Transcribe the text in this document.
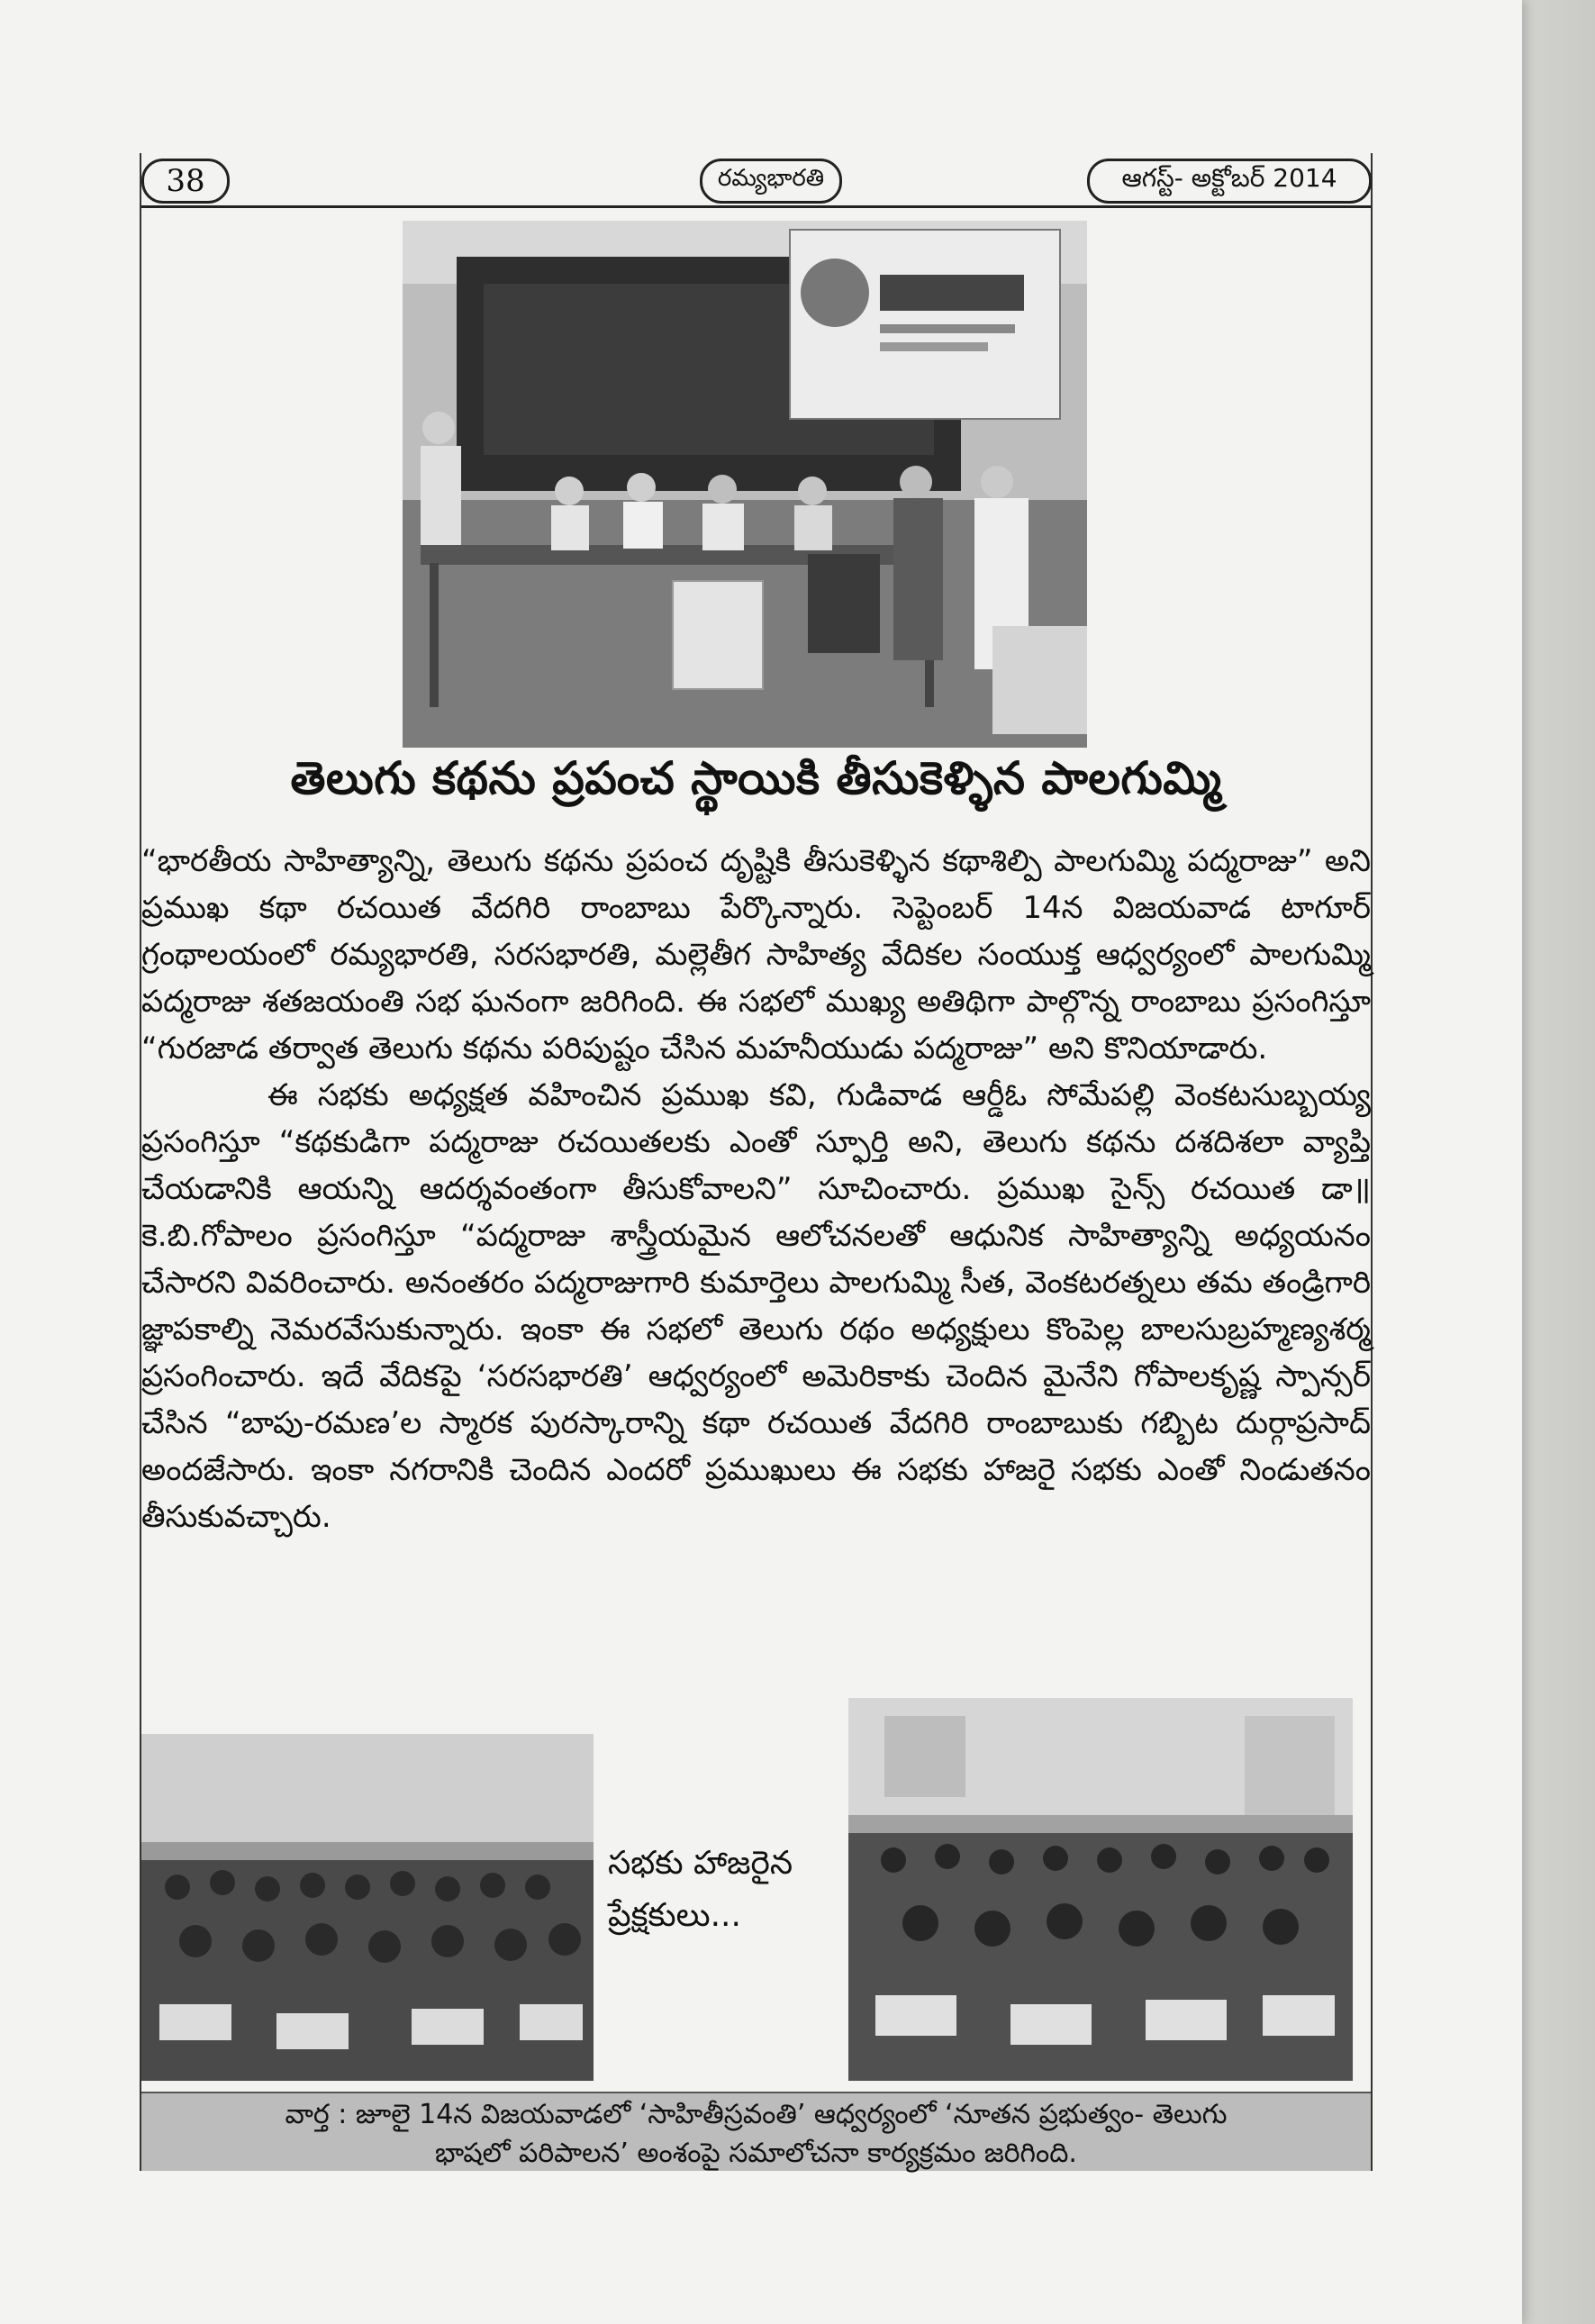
38	రమ్యభారతి	ఆగస్ట్- అక్టోబర్ 2014
తెలుగు కథను ప్రపంచ స్థాయికి తీసుకెళ్ళిన పాలగుమ్మి

“భారతీయ సాహిత్యాన్ని, తెలుగు కథను ప్రపంచ దృష్టికి తీసుకెళ్ళిన కథాశిల్పి పాలగుమ్మి పద్మరాజు” అని ప్రముఖ కథా రచయిత వేదగిరి రాంబాబు పేర్కొన్నారు. సెప్టెంబర్ 14న విజయవాడ టాగూర్ గ్రంథాలయంలో రమ్యభారతి, సరసభారతి, మల్లెతీగ సాహిత్య వేదికల సంయుక్త ఆధ్వర్యంలో పాలగుమ్మి పద్మరాజు శతజయంతి సభ ఘనంగా జరిగింది. ఈ సభలో ముఖ్య అతిథిగా పాల్గొన్న రాంబాబు ప్రసంగిస్తూ “గురజాడ తర్వాత తెలుగు కథను పరిపుష్టం చేసిన మహనీయుడు పద్మరాజు” అని కొనియాడారు.

ఈ సభకు అధ్యక్షత వహించిన ప్రముఖ కవి, గుడివాడ ఆర్డీఓ సోమేపల్లి వెంకటసుబ్బయ్య ప్రసంగిస్తూ “కథకుడిగా పద్మరాజు రచయితలకు ఎంతో స్ఫూర్తి అని, తెలుగు కథను దశదిశలా వ్యాప్తి చేయడానికి ఆయన్ని ఆదర్శవంతంగా తీసుకోవాలని” సూచించారు. ప్రముఖ సైన్స్ రచయిత డా॥ కె.బి.గోపాలం ప్రసంగిస్తూ “పద్మరాజు శాస్త్రీయమైన ఆలోచనలతో ఆధునిక సాహిత్యాన్ని అధ్యయనం చేసారని వివరించారు. అనంతరం పద్మరాజుగారి కుమార్తెలు పాలగుమ్మి సీత, వెంకటరత్నలు తమ తండ్రిగారి జ్ఞాపకాల్ని నెమరవేసుకున్నారు. ఇంకా ఈ సభలో తెలుగు రథం అధ్యక్షులు కొంపెల్ల బాలసుబ్రహ్మణ్యశర్మ ప్రసంగించారు. ఇదే వేదికపై ‘సరసభారతి’ ఆధ్వర్యంలో అమెరికాకు చెందిన మైనేని గోపాలకృష్ణ స్పాన్సర్ చేసిన “బాపు-రమణ’ల స్మారక పురస్కారాన్ని కథా రచయిత వేదగిరి రాంబాబుకు గబ్బిట దుర్గాప్రసాద్ అందజేసారు. ఇంకా నగరానికి చెందిన ఎందరో ప్రముఖులు ఈ సభకు హాజరై సభకు ఎంతో నిండుతనం తీసుకువచ్చారు.

సభకు హాజరైన
ప్రేక్షకులు...
వార్త : జూలై 14న విజయవాడలో ‘సాహితీస్రవంతి’ ఆధ్వర్యంలో ‘నూతన ప్రభుత్వం- తెలుగు
భాషలో పరిపాలన’ అంశంపై సమాలోచనా కార్యక్రమం జరిగింది.
